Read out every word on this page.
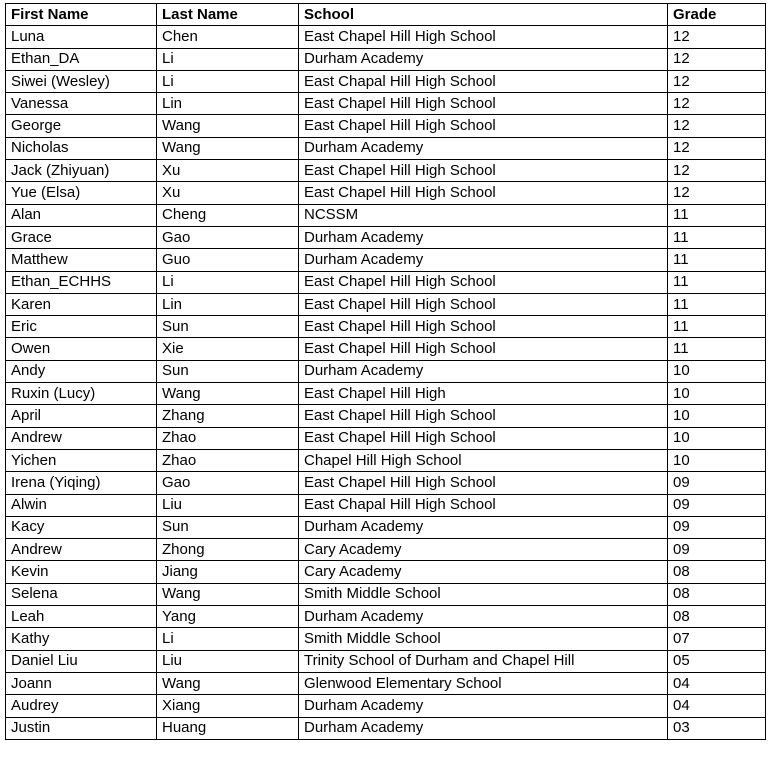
First Name	Last Name	School	Grade
Luna	Chen	East Chapel Hill High School	12
Ethan_DA	Li	Durham Academy	12
Siwei (Wesley)	Li	East Chapal Hill High School	12
Vanessa	Lin	East Chapel Hill High School	12
George	Wang	East Chapel Hill High School	12
Nicholas	Wang	Durham Academy	12
Jack (Zhiyuan)	Xu	East Chapel Hill High School	12
Yue (Elsa)	Xu	East Chapel Hill High School	12
Alan	Cheng	NCSSM	11
Grace	Gao	Durham Academy	11
Matthew	Guo	Durham Academy	11
Ethan_ECHHS	Li	East Chapel Hill High School	11
Karen	Lin	East Chapel Hill High School	11
Eric	Sun	East Chapel Hill High School	11
Owen	Xie	East Chapel Hill High School	11
Andy	Sun	Durham Academy	10
Ruxin (Lucy)	Wang	East Chapel Hill High	10
April	Zhang	East Chapel Hill High School	10
Andrew	Zhao	East Chapel Hill High School	10
Yichen	Zhao	Chapel Hill High School	10
Irena (Yiqing)	Gao	East Chapel Hill High School	09
Alwin	Liu	East Chapal Hill High School	09
Kacy	Sun	Durham Academy	09
Andrew	Zhong	Cary Academy	09
Kevin	Jiang	Cary Academy	08
Selena	Wang	Smith Middle School	08
Leah	Yang	Durham Academy	08
Kathy	Li	Smith Middle School	07
Daniel Liu	Liu	Trinity School of Durham and Chapel Hill	05
Joann	Wang	Glenwood Elementary School	04
Audrey	Xiang	Durham Academy	04
Justin	Huang	Durham Academy	03
